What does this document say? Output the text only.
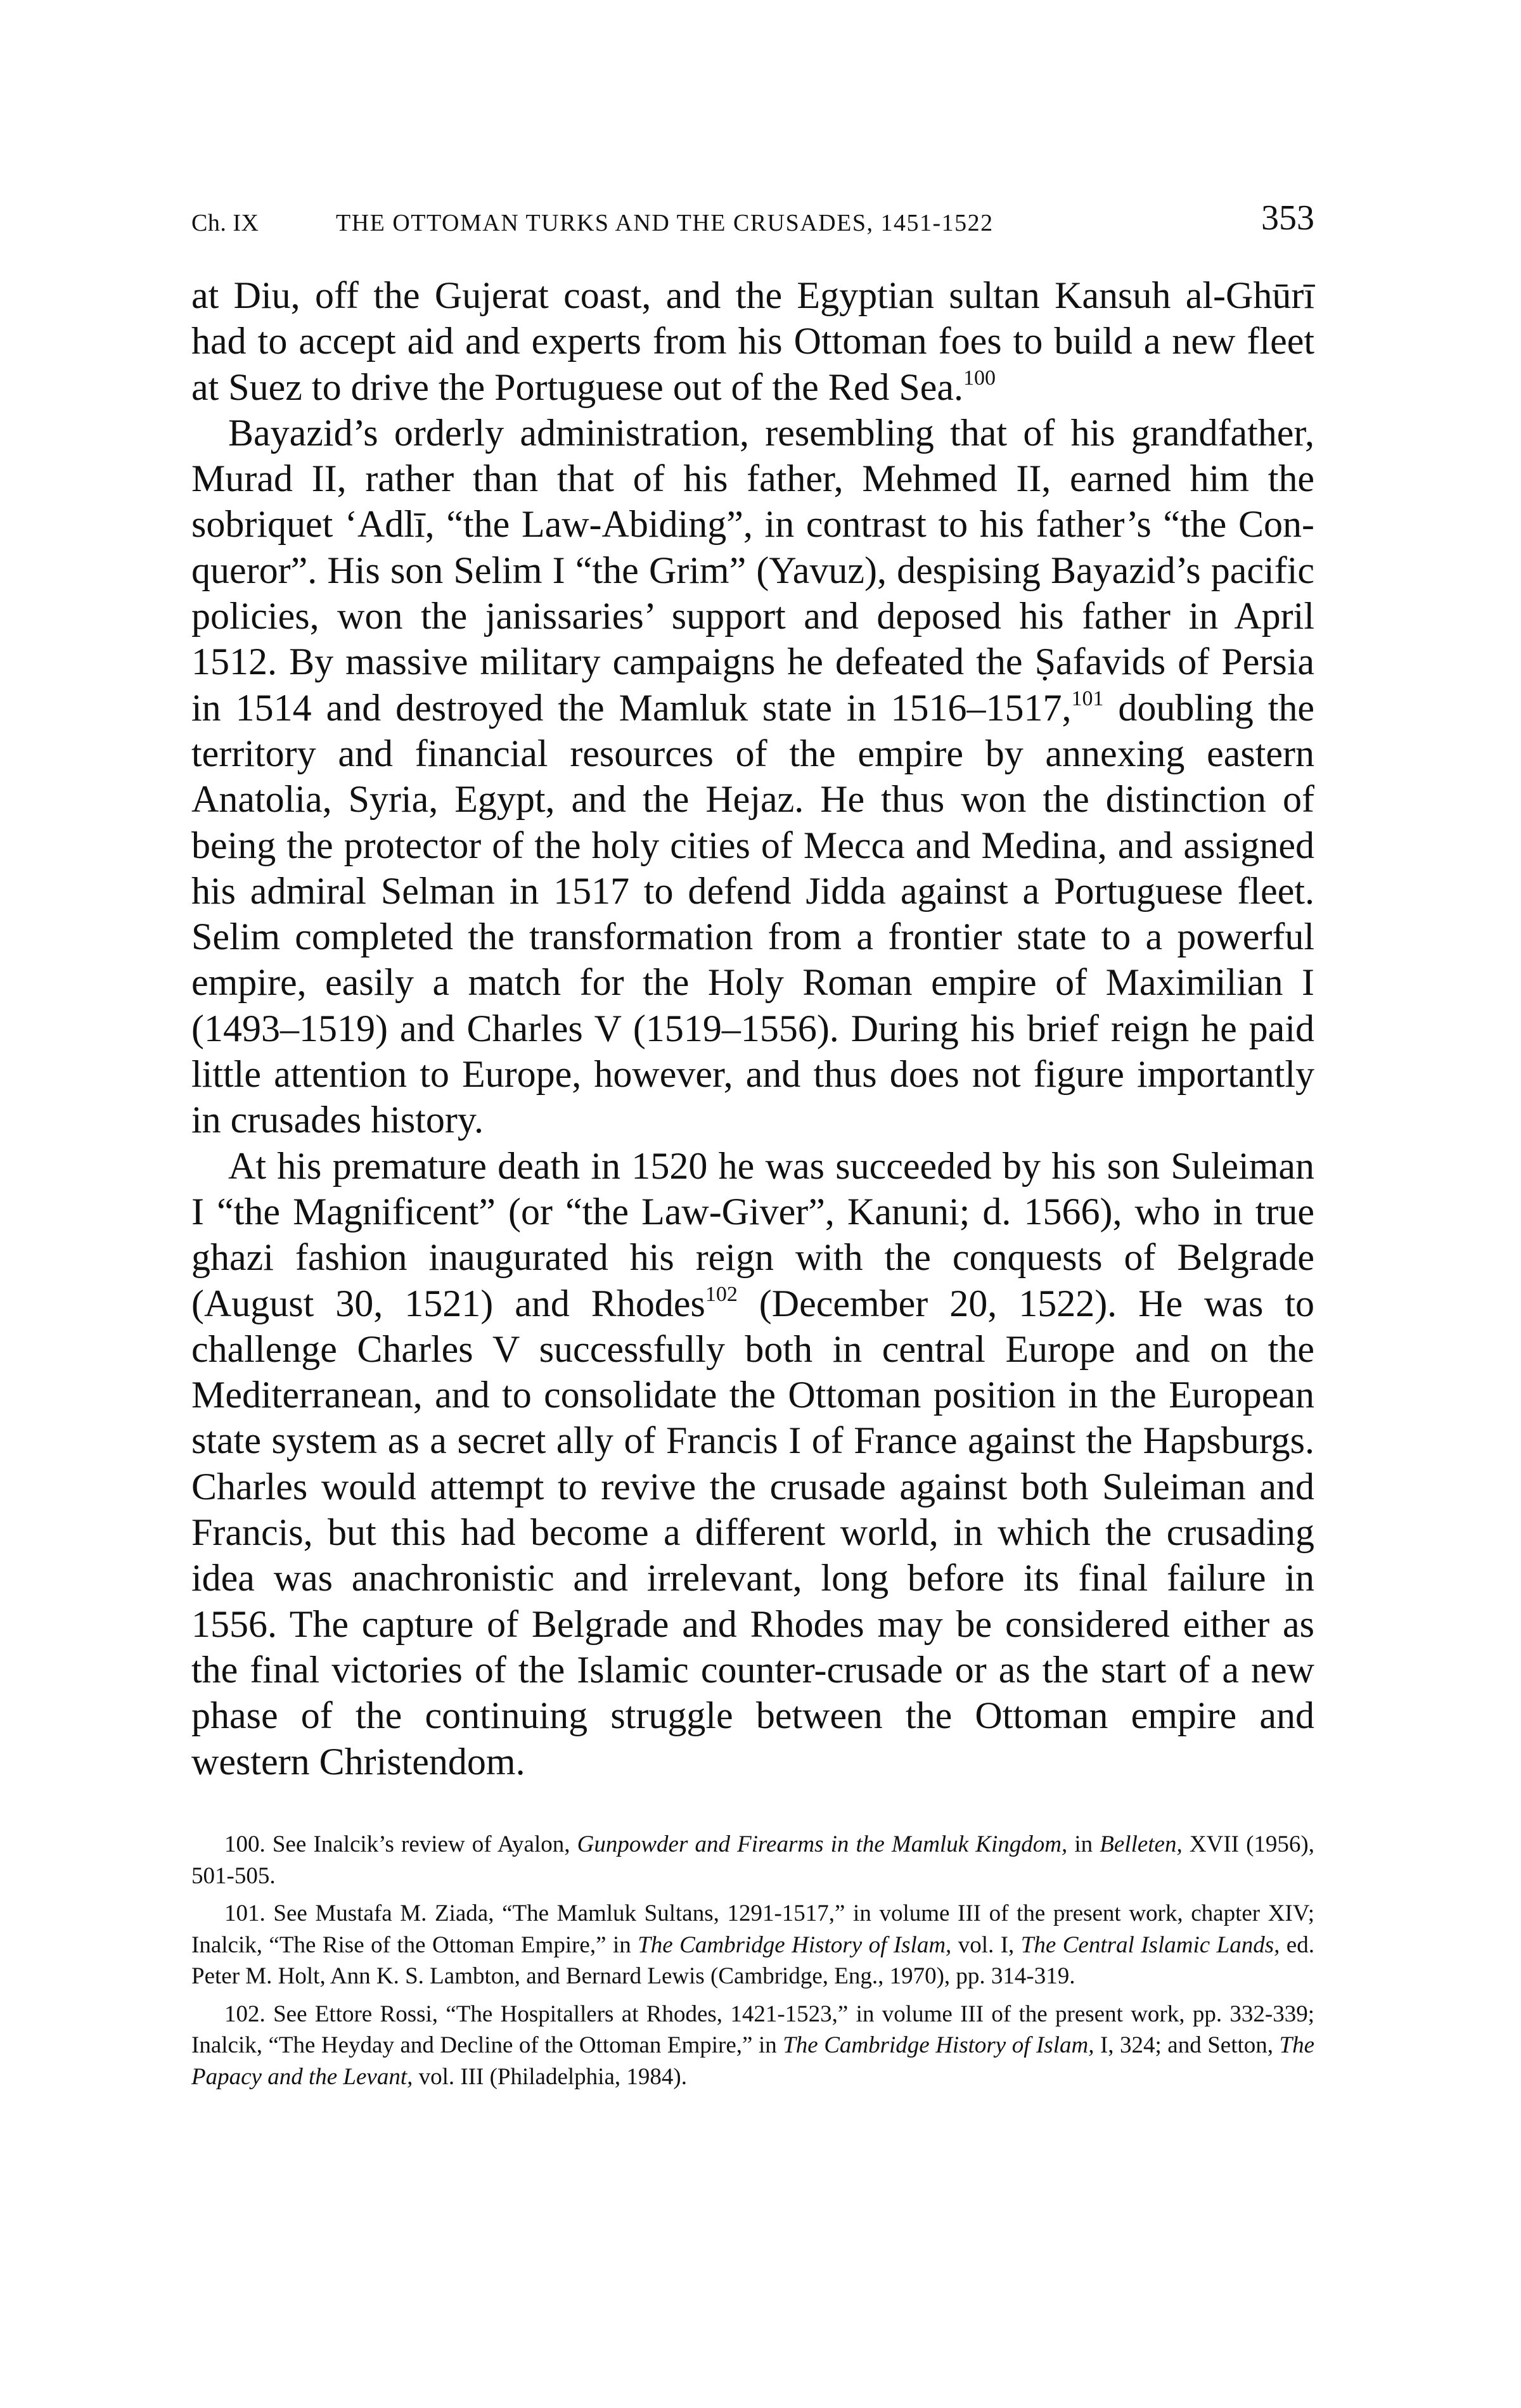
Ch. IX	THE OTTOMAN TURKS AND THE CRUSADES, 1451-1522	353

at Diu, off the Gujerat coast, and the Egyptian sultan Kansuh al-Ghūrī had to accept aid and experts from his Ottoman foes to build a new fleet at Suez to drive the Portuguese out of the Red Sea.$^{100}$

Bayazid’s orderly administration, resembling that of his grandfather, Murad II, rather than that of his father, Mehmed II, earned him the sobriquet ‘Adlī, “the Law-Abiding”, in contrast to his father’s “the Conqueror”. His son Selim I “the Grim” (Yavuz), despising Bayazid’s pacific policies, won the janissaries’ support and deposed his father in April 1512. By massive military campaigns he defeated the Ṣafavids of Persia in 1514 and destroyed the Mamluk state in 1516–1517,$^{101}$ doubling the territory and financial resources of the empire by annexing eastern Anatolia, Syria, Egypt, and the Hejaz. He thus won the distinction of being the protector of the holy cities of Mecca and Medina, and assigned his admiral Selman in 1517 to defend Jidda against a Portuguese fleet. Selim completed the transformation from a frontier state to a powerful empire, easily a match for the Holy Roman empire of Maximilian I (1493–1519) and Charles V (1519–1556). During his brief reign he paid little attention to Europe, however, and thus does not figure importantly in crusades history.

At his premature death in 1520 he was succeeded by his son Suleiman I “the Magnificent” (or “the Law-Giver”, Kanuni; d. 1566), who in true ghazi fashion inaugurated his reign with the conquests of Belgrade (August 30, 1521) and Rhodes$^{102}$ (December 20, 1522). He was to challenge Charles V successfully both in central Europe and on the Mediterranean, and to consolidate the Ottoman position in the European state system as a secret ally of Francis I of France against the Hapsburgs. Charles would attempt to revive the crusade against both Suleiman and Francis, but this had become a different world, in which the crusading idea was anachronistic and irrelevant, long before its final failure in 1556. The capture of Belgrade and Rhodes may be considered either as the final victories of the Islamic counter-crusade or as the start of a new phase of the continuing struggle between the Ottoman empire and western Christendom.

100. See Inalcik’s review of Ayalon, Gunpowder and Firearms in the Mamluk Kingdom, in Belleten, XVII (1956), 501-505.

101. See Mustafa M. Ziada, “The Mamluk Sultans, 1291-1517,” in volume III of the present work, chapter XIV; Inalcik, “The Rise of the Ottoman Empire,” in The Cambridge History of Islam, vol. I, The Central Islamic Lands, ed. Peter M. Holt, Ann K. S. Lambton, and Bernard Lewis (Cambridge, Eng., 1970), pp. 314-319.

102. See Ettore Rossi, “The Hospitallers at Rhodes, 1421-1523,” in volume III of the present work, pp. 332-339; Inalcik, “The Heyday and Decline of the Ottoman Empire,” in The Cambridge History of Islam, I, 324; and Setton, The Papacy and the Levant, vol. III (Philadelphia, 1984).
